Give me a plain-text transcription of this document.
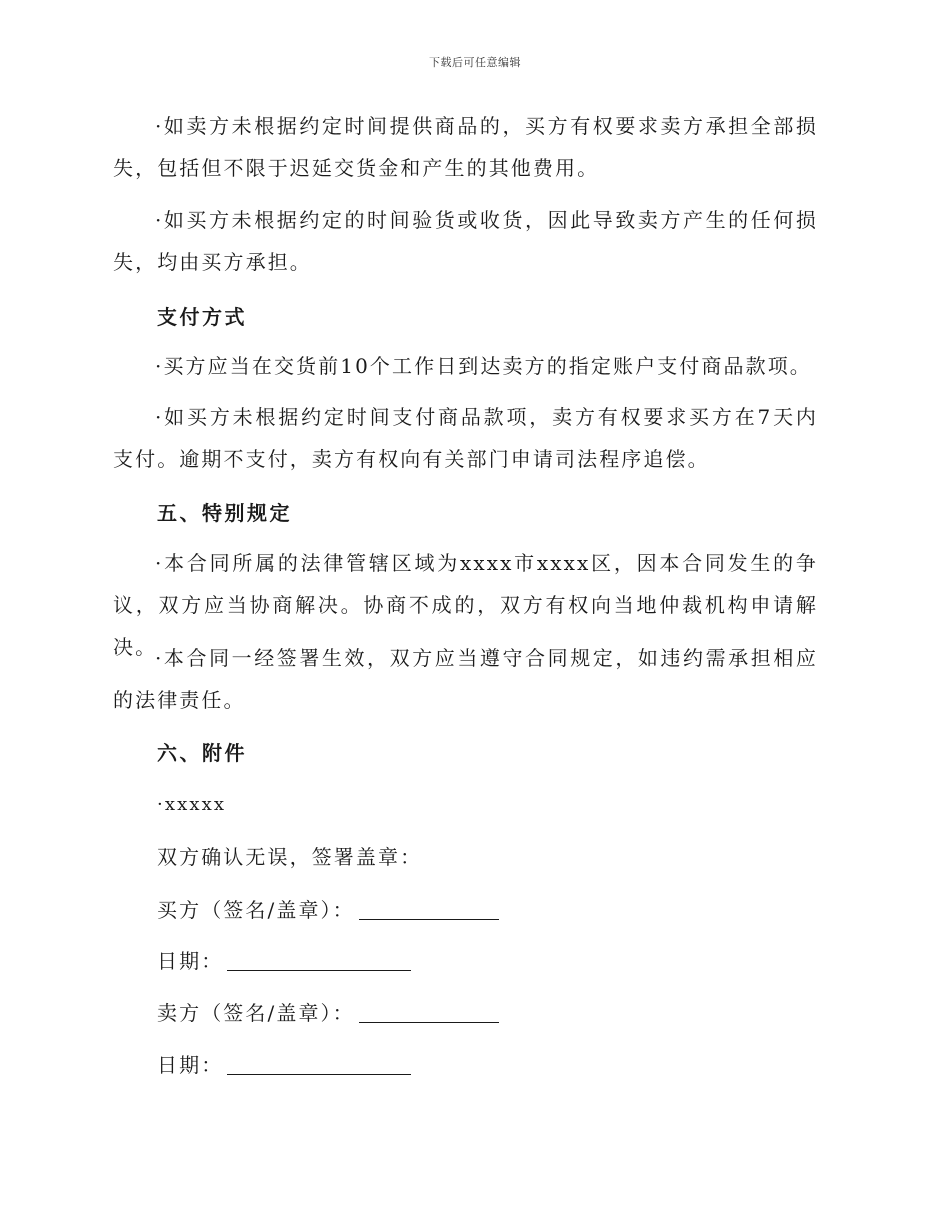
下载后可任意编辑

·如卖方未根据约定时间提供商品的，买方有权要求卖方承担全部损失，包括但不限于迟延交货金和产生的其他费用。

·如买方未根据约定的时间验货或收货，因此导致卖方产生的任何损失，均由买方承担。

支付方式

·买方应当在交货前10个工作日到达卖方的指定账户支付商品款项。

·如买方未根据约定时间支付商品款项，卖方有权要求买方在7天内支付。逾期不支付，卖方有权向有关部门申请司法程序追偿。

五、特别规定

·本合同所属的法律管辖区域为xxxx市xxxx区，因本合同发生的争议，双方应当协商解决。协商不成的，双方有权向当地仲裁机构申请解决。

·本合同一经签署生效，双方应当遵守合同规定，如违约需承担相应的法律责任。

六、附件

·xxxxx

双方确认无误，签署盖章：

买方（签名/盖章）：

日期：

卖方（签名/盖章）：

日期：
